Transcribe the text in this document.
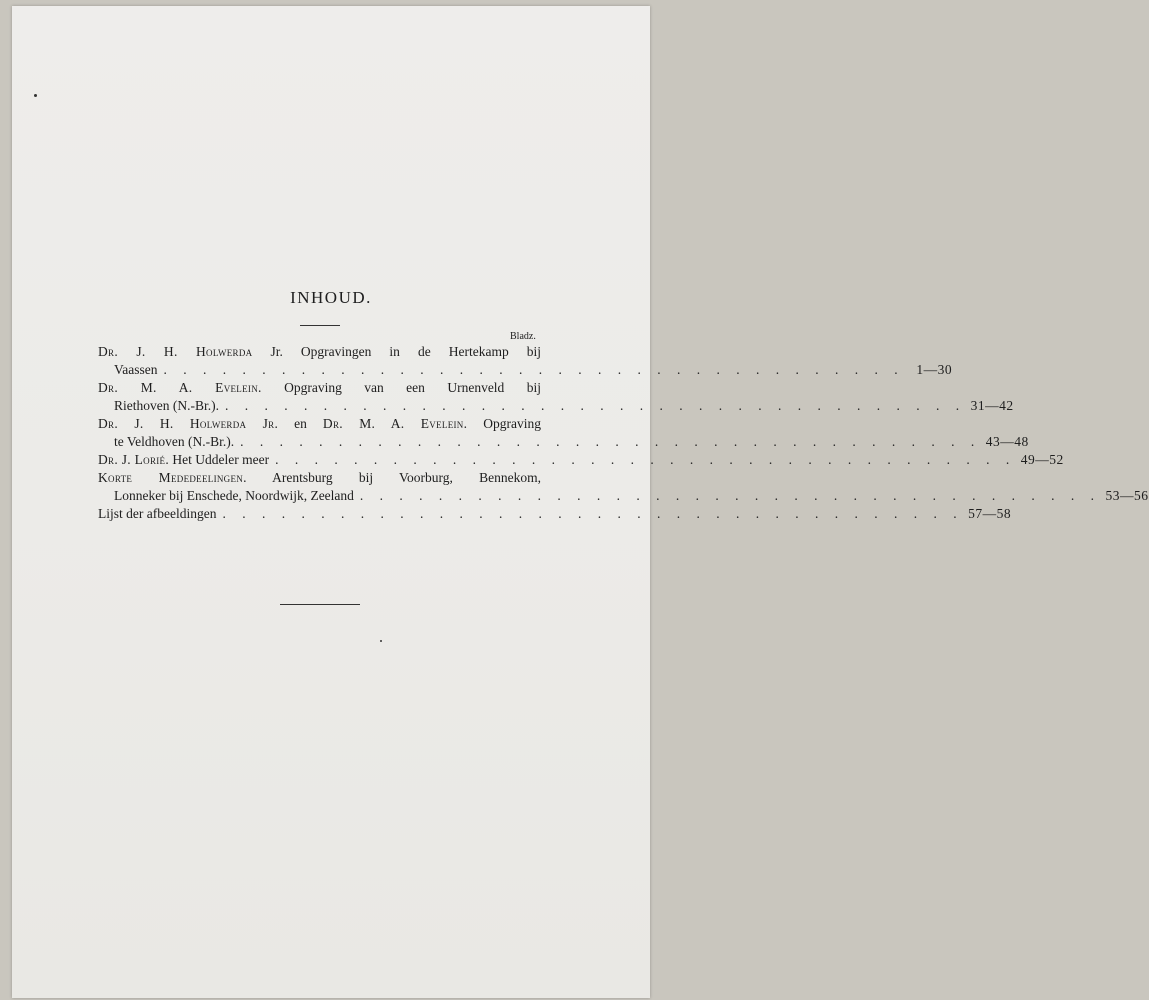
INHOUD.
Bladz.
Dr. J. H. Holwerda Jr. Opgravingen in de Hertekamp bij
Vaassen . . . . . . . . . . . . . . . . . . . . . . . . . . . . . . . . . . . . . . 1—30
Dr. M. A. Evelein. Opgraving van een Urnenveld bij
Riethoven (N.-Br.). . . . . . . . . . . . . . . . . . . . . . . . . . . . . . . . . . . . . . . 31—42
Dr. J. H. Holwerda Jr. en Dr. M. A. Evelein. Opgraving
te Veldhoven (N.-Br.). . . . . . . . . . . . . . . . . . . . . . . . . . . . . . . . . . . . . . . 43—48
Dr. J. Lorié. Het Uddeler meer . . . . . . . . . . . . . . . . . . . . . . . . . . . . . . . . . . . . . . 49—52
Korte Mededeelingen. Arentsburg bij Voorburg, Bennekom,
Lonneker bij Enschede, Noordwijk, Zeeland . . . . . . . . . . . . . . . . . . . . . . . . . . . . . . . . . . . . . . 53—56
Lijst der afbeeldingen . . . . . . . . . . . . . . . . . . . . . . . . . . . . . . . . . . . . . . 57—58
